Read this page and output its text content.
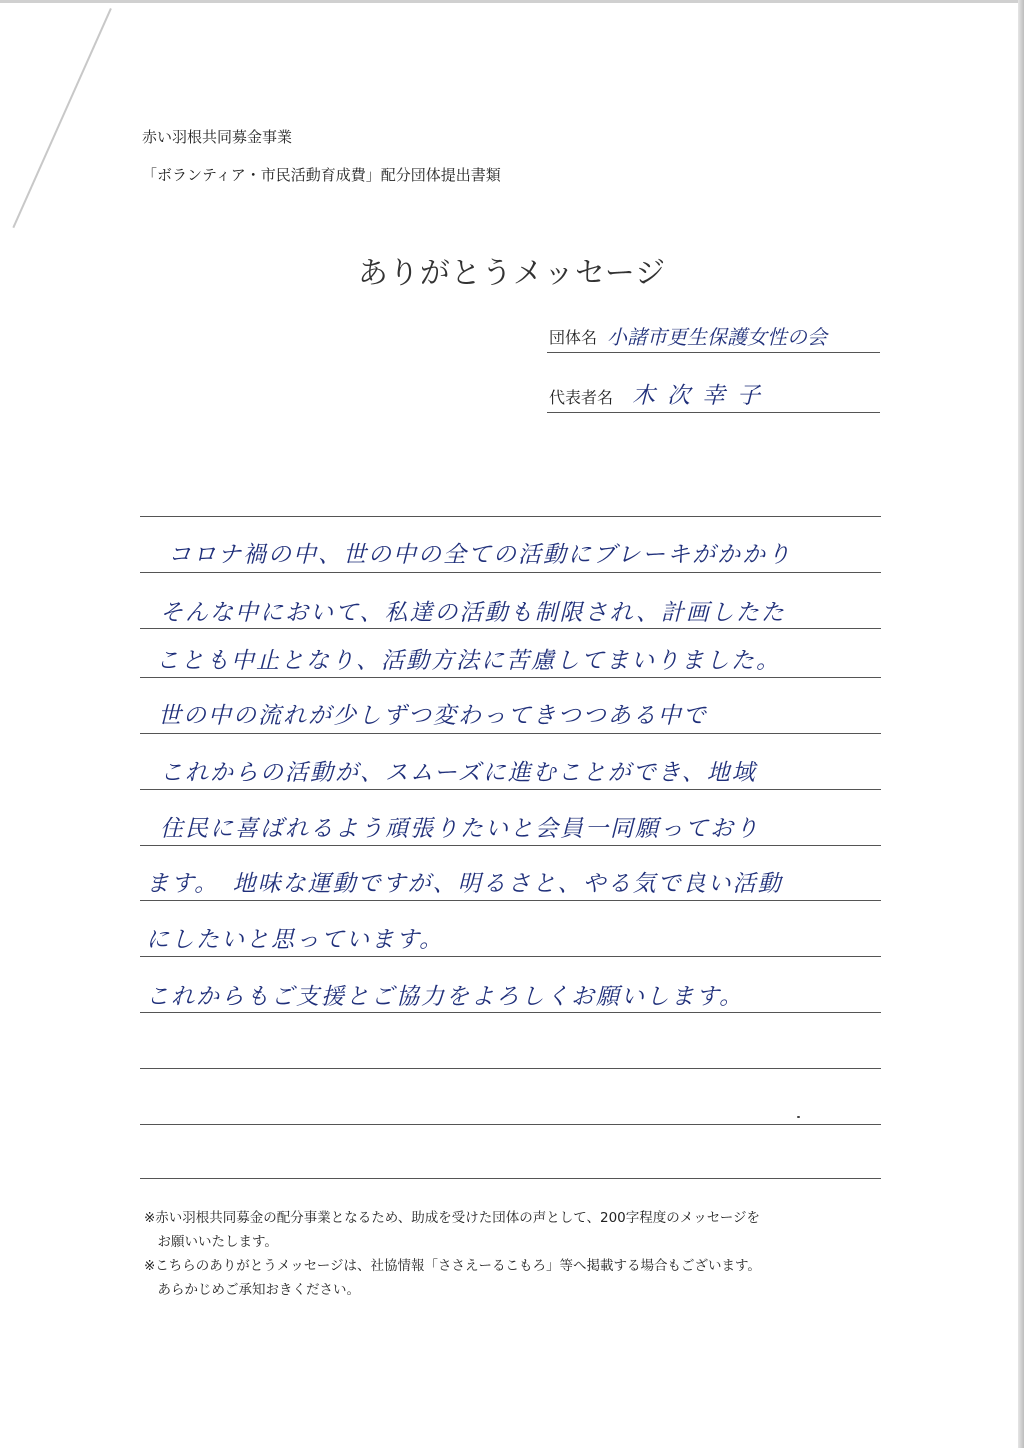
赤い羽根共同募金事業
「ボランティア・市民活動育成費」配分団体提出書類
ありがとうメッセージ
団体名 小諸市更生保護女性の会
代表者名 木次幸子
コロナ禍の中、世の中の全ての活動にブレーキがかかり
そんな中において、私達の活動も制限され、計画したた
ことも中止となり、活動方法に苦慮してまいりました。
世の中の流れが少しずつ変わってきつつある中で
これからの活動が、スムーズに進むことができ、地域
住民に喜ばれるよう頑張りたいと会員一同願っており
ます。　地味な運動ですが、明るさと、やる気で良い活動
にしたいと思っています。
これからもご支援とご協力をよろしくお願いします。
※赤い羽根共同募金の配分事業となるため、助成を受けた団体の声として、200字程度のメッセージを
　お願いいたします。
※こちらのありがとうメッセージは、社協情報「ささえーるこもろ」等へ掲載する場合もございます。
　あらかじめご承知おきください。
